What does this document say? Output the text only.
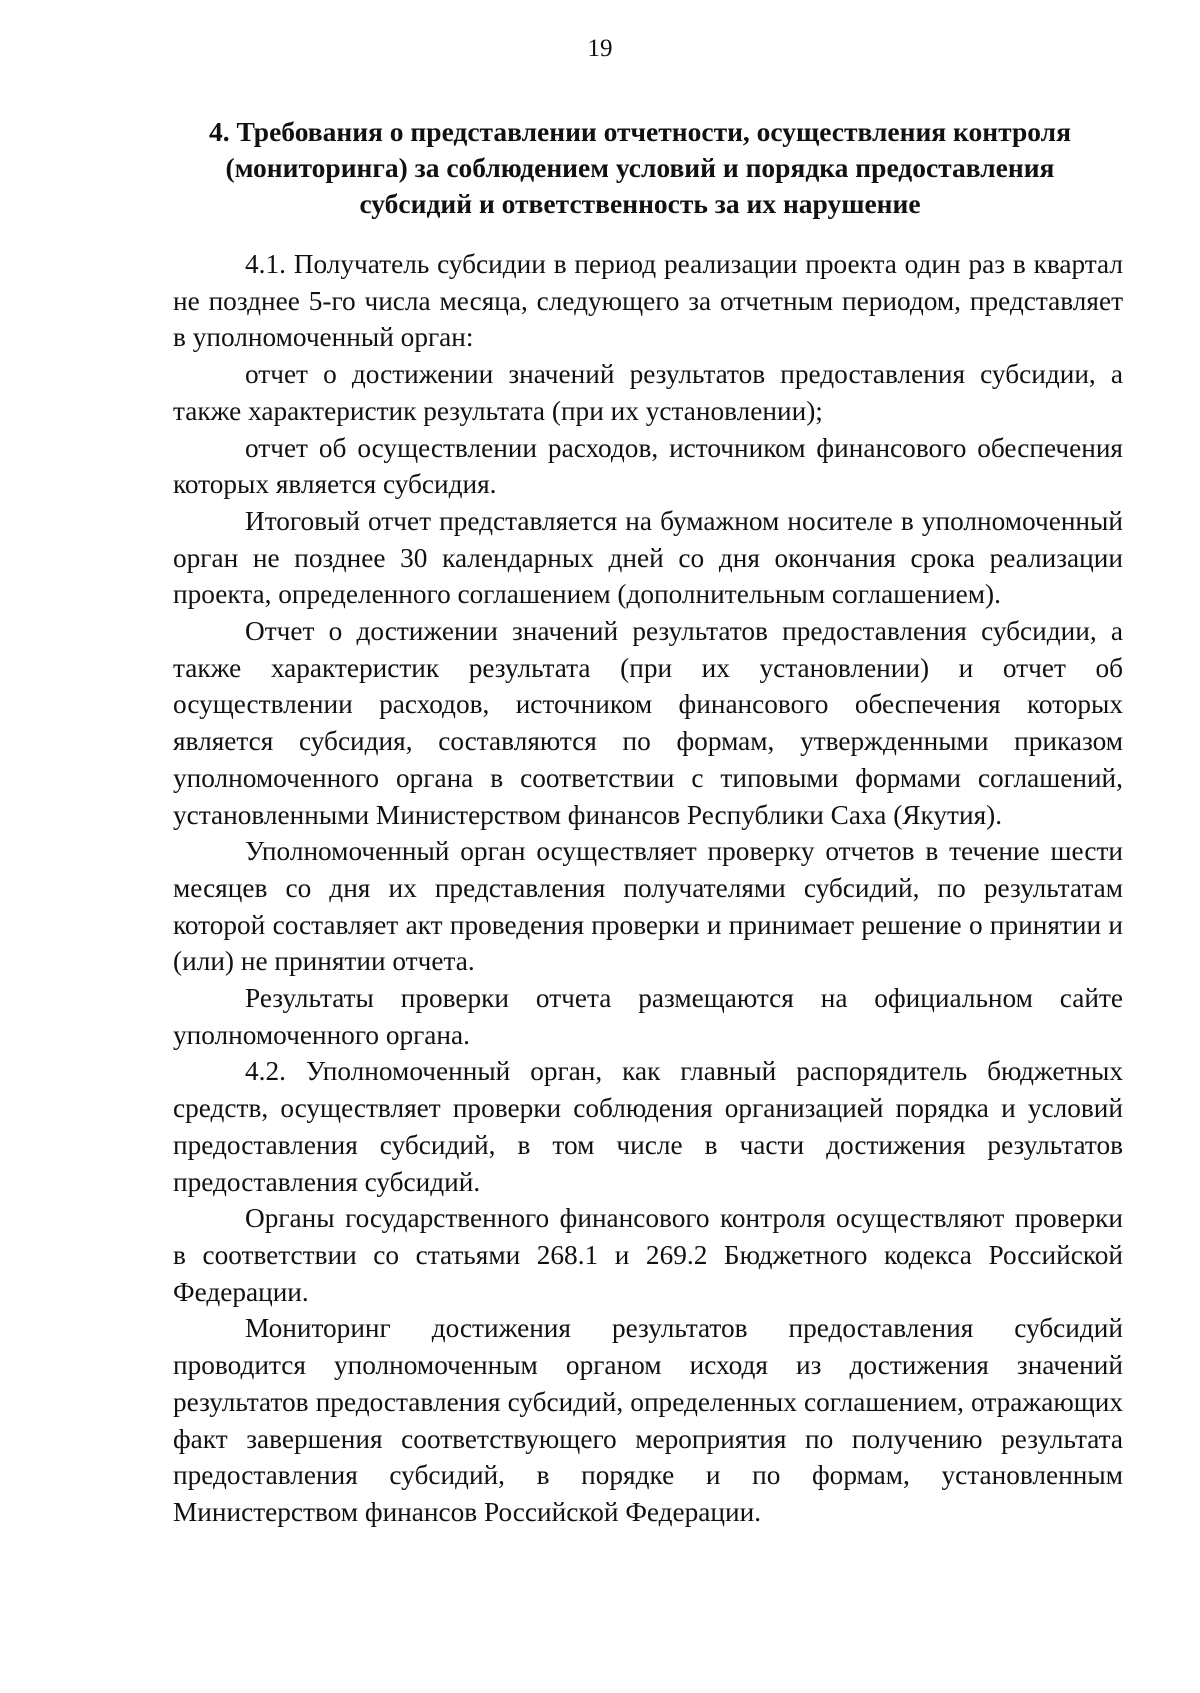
19
4. Требования о представлении отчетности, осуществления контроля
(мониторинга) за соблюдением условий и порядка предоставления
субсидий и ответственность за их нарушение

4.1. Получатель субсидии в период реализации проекта один раз в квартал не позднее 5-го числа месяца, следующего за отчетным периодом, представляет в уполномоченный орган:

отчет о достижении значений результатов предоставления субсидии, а также характеристик результата (при их установлении);

отчет об осуществлении расходов, источником финансового обеспечения которых является субсидия.

Итоговый отчет представляется на бумажном носителе в уполномоченный орган не позднее 30 календарных дней со дня окончания срока реализации проекта, определенного соглашением (дополнительным соглашением).

Отчет о достижении значений результатов предоставления субсидии, а также характеристик результата (при их установлении) и отчет об осуществлении расходов, источником финансового обеспечения которых является субсидия, составляются по формам, утвержденными приказом уполномоченного органа в соответствии с типовыми формами соглашений, установленными Министерством финансов Республики Саха (Якутия).

Уполномоченный орган осуществляет проверку отчетов в течение шести месяцев со дня их представления получателями субсидий, по результатам которой составляет акт проведения проверки и принимает решение о принятии и (или) не принятии отчета.

Результаты проверки отчета размещаются на официальном сайте уполномоченного органа.

4.2. Уполномоченный орган, как главный распорядитель бюджетных средств, осуществляет проверки соблюдения организацией порядка и условий предоставления субсидий, в том числе в части достижения результатов предоставления субсидий.

Органы государственного финансового контроля осуществляют проверки в соответствии со статьями 268.1 и 269.2 Бюджетного кодекса Российской Федерации.

Мониторинг достижения результатов предоставления субсидий проводится уполномоченным органом исходя из достижения значений результатов предоставления субсидий, определенных соглашением, отражающих факт завершения соответствующего мероприятия по получению результата предоставления субсидий, в порядке и по формам, установленным Министерством финансов Российской Федерации.
